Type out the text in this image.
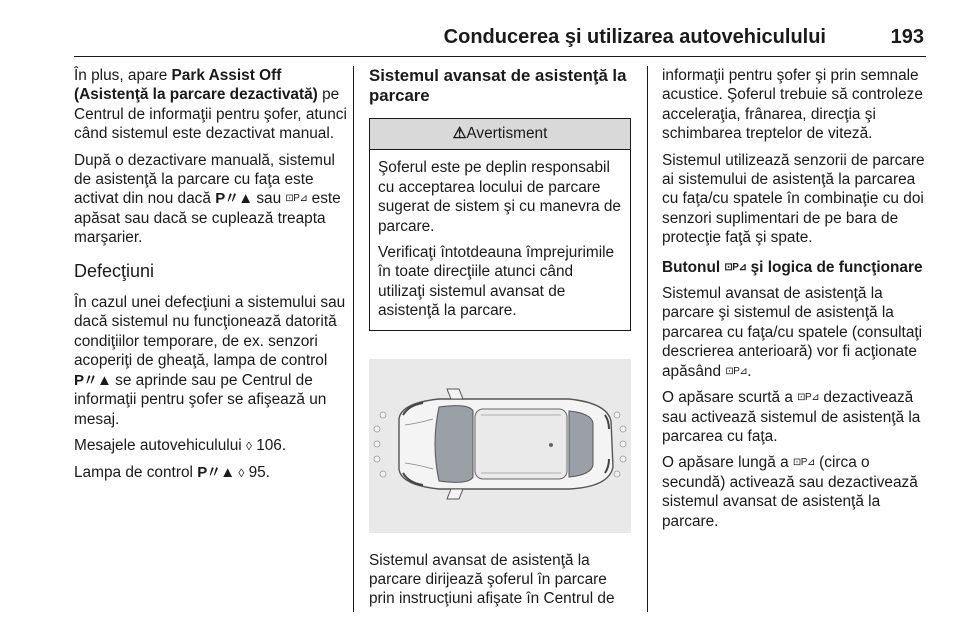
Conducerea şi utilizarea autovehiculului	193

În plus, apare Park Assist Off (Asistenţă la parcare dezactivată) pe Centrul de informaţii pentru şofer, atunci când sistemul este dezactivat manual.

După o dezactivare manuală, sistemul de asistenţă la parcare cu faţa este activat din nou dacă P〃▲ sau ⊡P⊿ este apăsat sau dacă se cuplează treapta marşarier.

Defecţiuni

În cazul unei defecţiuni a sistemului sau dacă sistemul nu funcţionează datorită condiţiilor temporare, de ex. senzori acoperiţi de gheaţă, lampa de control P〃▲ se aprinde sau pe Centrul de informaţii pentru şofer se afişează un mesaj.

Mesajele autovehiculului ◊ 106.

Lampa de control P〃▲ ◊ 95.

Sistemul avansat de asistenţă la parcare
⚠Avertisment

Şoferul este pe deplin responsabil cu acceptarea locului de parcare sugerat de sistem şi cu manevra de parcare.

Verificaţi întotdeauna împrejurimile în toate direcţiile atunci când utilizaţi sistemul avansat de asistenţă la parcare.

Sistemul avansat de asistenţă la parcare dirijează şoferul în parcare prin instrucţiuni afişate în Centrul de

informaţii pentru şofer şi prin semnale acustice. Şoferul trebuie să controleze acceleraţia, frânarea, direcţia şi schimbarea treptelor de viteză.

Sistemul utilizează senzorii de parcare ai sistemului de asistenţă la parcarea cu faţa/cu spatele în combinaţie cu doi senzori suplimentari de pe bara de protecţie faţă şi spate.

Butonul ⊡P⊿ şi logica de funcţionare

Sistemul avansat de asistenţă la parcare şi sistemul de asistenţă la parcarea cu faţa/cu spatele (consultaţi descrierea anterioară) vor fi acţionate apăsând ⊡P⊿.

O apăsare scurtă a ⊡P⊿ dezactivează sau activează sistemul de asistenţă la parcarea cu faţa.

O apăsare lungă a ⊡P⊿ (circa o secundă) activează sau dezactivează sistemul avansat de asistenţă la parcare.
